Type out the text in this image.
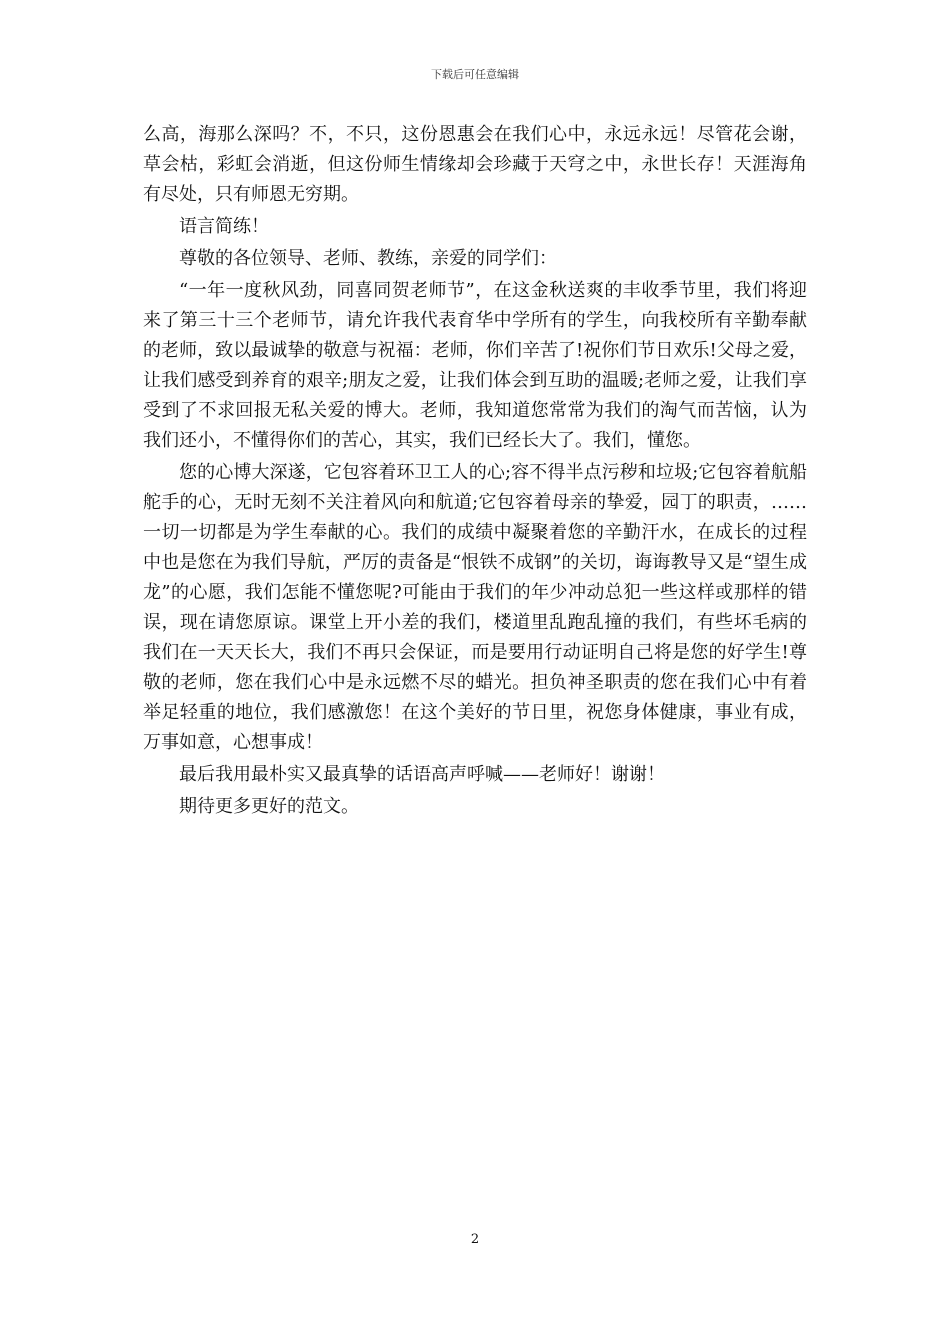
下载后可任意编辑

么高，海那么深吗？不，不只，这份恩惠会在我们心中，永远永远！尽管花会谢，草会枯，彩虹会消逝，但这份师生情缘却会珍藏于天穹之中，永世长存！天涯海角有尽处，只有师恩无穷期。

语言简练！

尊敬的各位领导、老师、教练，亲爱的同学们：

“一年一度秋风劲，同喜同贺老师节”，在这金秋送爽的丰收季节里，我们将迎来了第三十三个老师节，请允许我代表育华中学所有的学生，向我校所有辛勤奉献的老师，致以最诚挚的敬意与祝福：老师，你们辛苦了!祝你们节日欢乐!父母之爱，让我们感受到养育的艰辛;朋友之爱，让我们体会到互助的温暖;老师之爱，让我们享受到了不求回报无私关爱的博大。老师，我知道您常常为我们的淘气而苦恼，认为我们还小，不懂得你们的苦心，其实，我们已经长大了。我们，懂您。

您的心博大深遂，它包容着环卫工人的心;容不得半点污秽和垃圾;它包容着航船舵手的心，无时无刻不关注着风向和航道;它包容着母亲的挚爱，园丁的职责，……一切一切都是为学生奉献的心。我们的成绩中凝聚着您的辛勤汗水，在成长的过程中也是您在为我们导航，严厉的责备是“恨铁不成钢”的关切，诲诲教导又是“望生成龙”的心愿，我们怎能不懂您呢?可能由于我们的年少冲动总犯一些这样或那样的错误，现在请您原谅。课堂上开小差的我们，楼道里乱跑乱撞的我们，有些坏毛病的我们在一天天长大，我们不再只会保证，而是要用行动证明自己将是您的好学生!尊敬的老师，您在我们心中是永远燃不尽的蜡光。担负神圣职责的您在我们心中有着举足轻重的地位，我们感激您！在这个美好的节日里，祝您身体健康，事业有成，万事如意，心想事成！

最后我用最朴实又最真挚的话语高声呼喊——老师好！谢谢！

期待更多更好的范文。

2
